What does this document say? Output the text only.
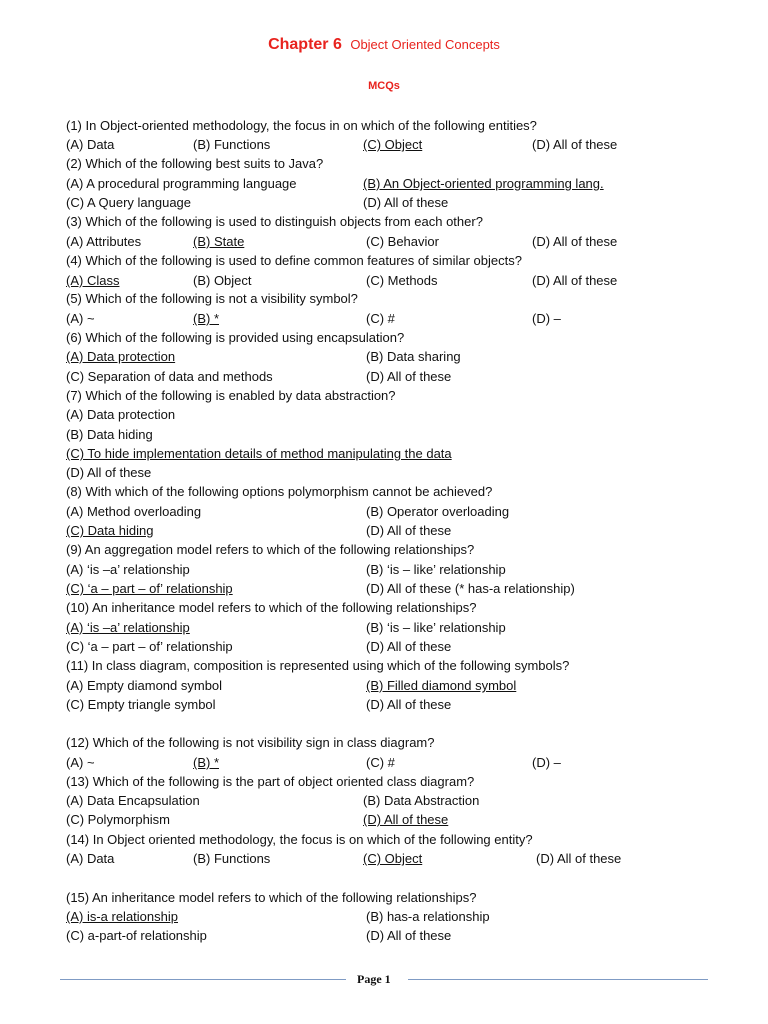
Chapter 6 Object Oriented Concepts
MCQs
(1) In Object-oriented methodology, the focus in on which of the following entities?
(A) Data	(B) Functions	(C) Object	(D) All of these
(2) Which of the following best suits to Java?
(A) A procedural programming language	(B) An Object-oriented programming lang.
(C) A Query language	(D) All of these
(3) Which of the following is used to distinguish objects from each other?
(A) Attributes	(B) State	(C) Behavior	(D) All of these
(4) Which of the following is used to define common features of similar objects?
(A) Class	(B) Object	(C) Methods	(D) All of these
(5) Which of the following is not a visibility symbol?
(A) ~	(B) *	(C) #	(D) –
(6) Which of the following is provided using encapsulation?
(A) Data protection	(B) Data sharing
(C) Separation of data and methods	(D) All of these
(7) Which of the following is enabled by data abstraction?
(A) Data protection
(B) Data hiding
(C) To hide implementation details of method manipulating the data
(D) All of these
(8) With which of the following options polymorphism cannot be achieved?
(A) Method overloading	(B) Operator overloading
(C) Data hiding	(D) All of these
(9) An aggregation model refers to which of the following relationships?
(A) ‘is –a’ relationship	(B) ‘is – like’ relationship
(C) ‘a – part – of’ relationship	(D) All of these (* has-a relationship)
(10) An inheritance model refers to which of the following relationships?
(A) ‘is –a’ relationship	(B) ‘is – like’ relationship
(C) ‘a – part – of’ relationship	(D) All of these
(11) In class diagram, composition is represented using which of the following symbols?
(A) Empty diamond symbol	(B) Filled diamond symbol
(C) Empty triangle symbol	(D) All of these
(12) Which of the following is not visibility sign in class diagram?
(A) ~	(B) *	(C) #	(D) –
(13) Which of the following is the part of object oriented class diagram?
(A) Data Encapsulation	(B) Data Abstraction
(C) Polymorphism	(D) All of these
(14) In Object oriented methodology, the focus is on which of the following entity?
(A) Data	(B) Functions	(C) Object	(D) All of these
(15) An inheritance model refers to which of the following relationships?
(A) is-a relationship	(B) has-a relationship
(C) a-part-of relationship	(D) All of these
Page 1
